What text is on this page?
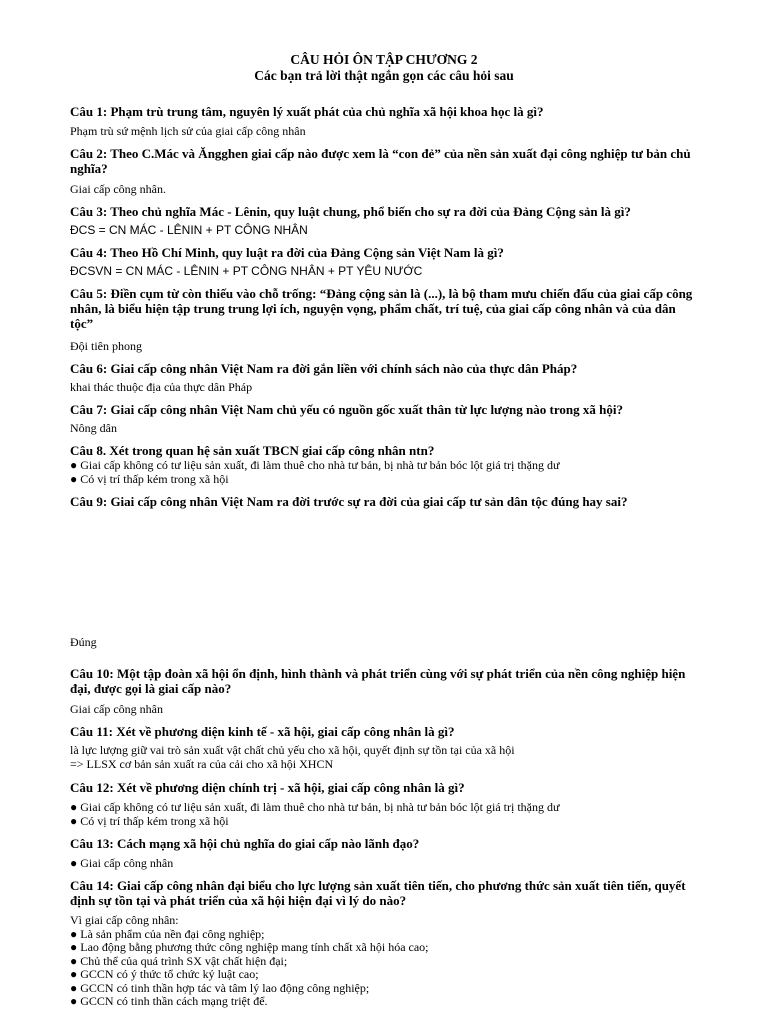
CÂU HỎI ÔN TẬP CHƯƠNG 2
Các bạn trả lời thật ngắn gọn các câu hỏi sau
Câu 1: Phạm trù trung tâm, nguyên lý xuất phát của chủ nghĩa xã hội khoa học là gì?
Phạm trù sứ mệnh lịch sử của giai cấp công nhân
Câu 2: Theo C.Mác và Ăngghen giai cấp nào được xem là “con đẻ” của nền sản xuất đại công nghiệp tư bản chủ nghĩa?
Giai cấp công nhân.
Câu 3: Theo chủ nghĩa Mác - Lênin, quy luật chung, phổ biến cho sự ra đời của Đảng Cộng sản là gì?
ĐCS = CN MÁC - LÊNIN + PT CÔNG NHÂN
Câu 4: Theo Hồ Chí Minh, quy luật ra đời của Đảng Cộng sản Việt Nam là gì?
ĐCSVN = CN MÁC - LÊNIN + PT CÔNG NHÂN + PT YÊU NƯỚC
Câu 5: Điền cụm từ còn thiếu vào chỗ trống: “Đảng cộng sản là (...), là bộ tham mưu chiến đấu của giai cấp công nhân, là biểu hiện tập trung trung lợi ích, nguyện vọng, phẩm chất, trí tuệ, của giai cấp công nhân và của dân tộc”
Đội tiên phong
Câu 6: Giai cấp công nhân Việt Nam ra đời gắn liền với chính sách nào của thực dân Pháp?
khai thác thuộc địa của thực dân Pháp
Câu 7: Giai cấp công nhân Việt Nam chủ yếu có nguồn gốc xuất thân từ lực lượng nào trong xã hội?
Nông dân
Câu 8. Xét trong quan hệ sản xuất TBCN giai cấp công nhân ntn?
● Giai cấp không có tư liệu sản xuất, đi làm thuê cho nhà tư bản, bị nhà tư bản bóc lột giá trị thặng dư
● Có vị trí thấp kém trong xã hội
Câu 9: Giai cấp công nhân Việt Nam ra đời trước sự ra đời của giai cấp tư sản dân tộc đúng hay sai?
Đúng
Câu 10: Một tập đoàn xã hội ổn định, hình thành và phát triển cùng với sự phát triển của nền công nghiệp hiện đại, được gọi là giai cấp nào?
Giai cấp công nhân
Câu 11: Xét về phương diện kinh tế - xã hội, giai cấp công nhân là gì?
là lực lượng giữ vai trò sản xuất vật chất chủ yếu cho xã hội, quyết định sự tồn tại của xã hội
=> LLSX cơ bản sản xuất ra của cải cho xã hội XHCN
Câu 12: Xét về phương diện chính trị - xã hội, giai cấp công nhân là gì?
● Giai cấp không có tư liệu sản xuất, đi làm thuê cho nhà tư bản, bị nhà tư bản bóc lột giá trị thặng dư
● Có vị trí thấp kém trong xã hội
Câu 13: Cách mạng xã hội chủ nghĩa do giai cấp nào lãnh đạo?
● Giai cấp công nhân
Câu 14: Giai cấp công nhân đại biểu cho lực lượng sản xuất tiên tiến, cho phương thức sản xuất tiên tiến, quyết định sự tồn tại và phát triển của xã hội hiện đại vì lý do nào?
Vì giai cấp công nhân:
● Là sản phẩm của nền đại công nghiệp;
● Lao động bằng phương thức công nghiệp mang tính chất xã hội hóa cao;
● Chủ thể của quá trình SX vật chất hiện đại;
● GCCN có ý thức tổ chức kỷ luật cao;
● GCCN có tinh thần hợp tác và tâm lý lao động công nghiệp;
● GCCN có tinh thần cách mạng triệt để.
